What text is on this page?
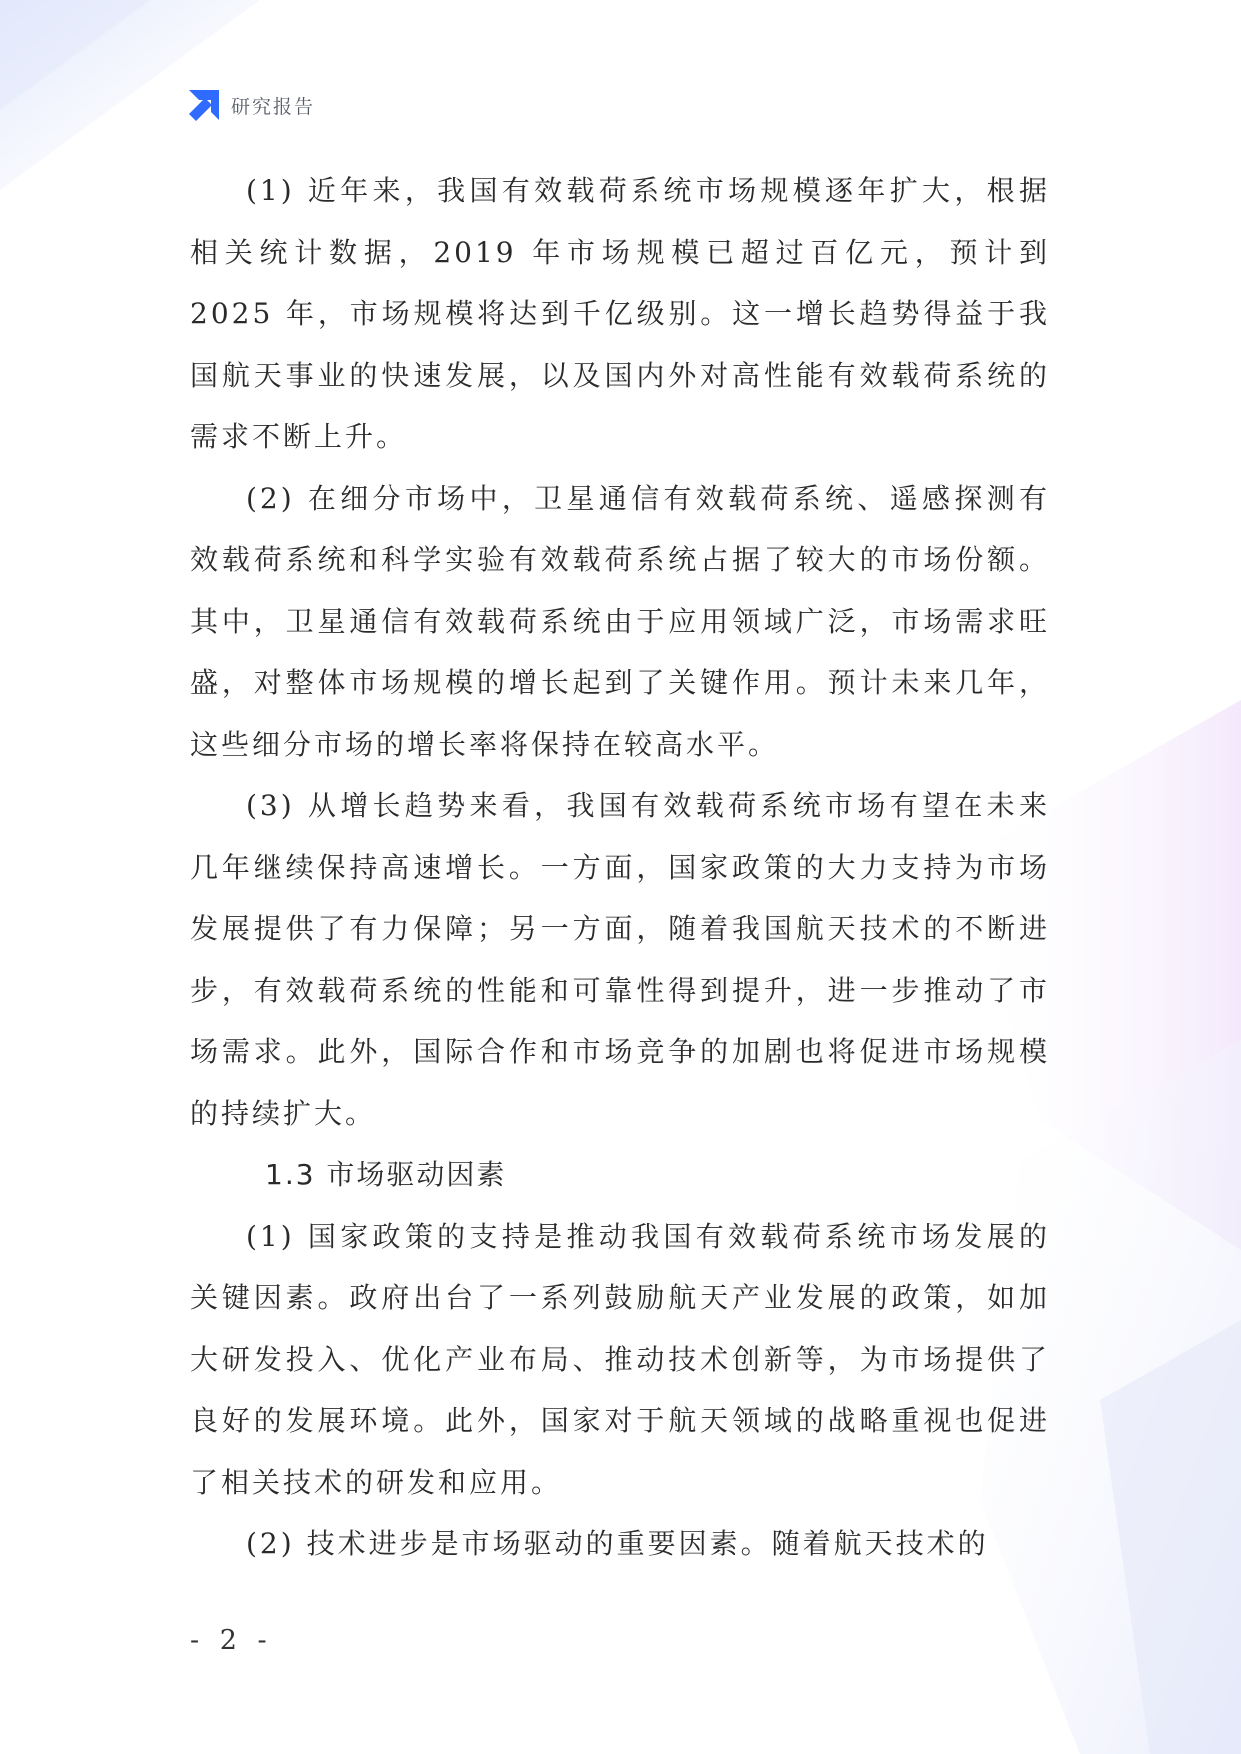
研究报告

(1) 近年来，我国有效载荷系统市场规模逐年扩大，根据相关统计数据，2019 年市场规模已超过百亿元，预计到 2025 年，市场规模将达到千亿级别。这一增长趋势得益于我国航天事业的快速发展，以及国内外对高性能有效载荷系统的需求不断上升。

(2) 在细分市场中，卫星通信有效载荷系统、遥感探测有效载荷系统和科学实验有效载荷系统占据了较大的市场份额。其中，卫星通信有效载荷系统由于应用领域广泛，市场需求旺盛，对整体市场规模的增长起到了关键作用。预计未来几年，这些细分市场的增长率将保持在较高水平。

(3) 从增长趋势来看，我国有效载荷系统市场有望在未来几年继续保持高速增长。一方面，国家政策的大力支持为市场发展提供了有力保障；另一方面，随着我国航天技术的不断进步，有效载荷系统的性能和可靠性得到提升，进一步推动了市场需求。此外，国际合作和市场竞争的加剧也将促进市场规模的持续扩大。

1.3 市场驱动因素

(1) 国家政策的支持是推动我国有效载荷系统市场发展的关键因素。政府出台了一系列鼓励航天产业发展的政策，如加大研发投入、优化产业布局、推动技术创新等，为市场提供了良好的发展环境。此外，国家对于航天领域的战略重视也促进了相关技术的研发和应用。

(2) 技术进步是市场驱动的重要因素。随着航天技术的

- 2 -
